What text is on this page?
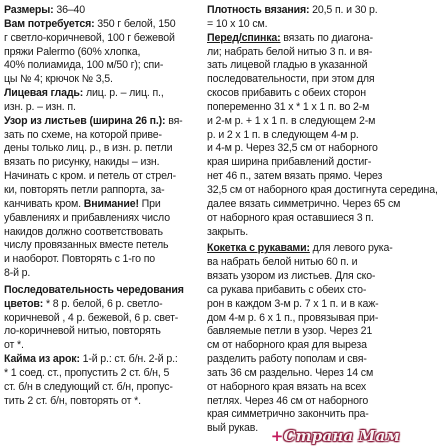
Размеры: 36–40
Вам потребуется: 350 г белой, 150
г светло-коричневой, 100 г бежевой
пряжи Palermo (60% хлопка,
40% полиамида, 100 м/50 г); спи-
цы № 4; крючок № 3,5.
Лицевая гладь: лиц. р. – лиц. п.,
изн. р. – изн. п.
Узор из листьев (ширина 26 п.): вя-
зать по схеме, на которой приве-
дены только лиц. р., в изн. р. петли
вязать по рисунку, накиды – изн.
Начинать с кром. и петель от стрел-
ки, повторять петли раппорта, за-
канчивать кром. Внимание! При
убавлениях и прибавлениях число
накидов должно соответствовать
числу провязанных вместе петель
и наоборот. Повторять с 1-го по
8-й р.
Последовательность чередования
цветов: * 8 р. белой, 6 р. светло-
коричневой , 4 р. бежевой, 6 р. свет-
ло-коричневой нитью, повторять
от *.
Кайма из арок: 1-й р.: ст. б/н. 2-й р.:
* 1 соед. ст., пропустить 2 ст. б/н, 5
ст. б/н в следующий ст. б/н, пропус-
тить 2 ст. б/н, повторять от *.
Плотность вязания: 20,5 п. и 30 р.
= 10 х 10 см.
Перед/спинка: вязать по диагона-
ли; набрать белой нитью 3 п. и вя-
зать лицевой гладью в указанной
последовательности, при этом для
скосов прибавить с обеих сторон
попеременно 31 х * 1 х 1 п. во 2-м
и 2-м р. + 1 х 1 п. в следующем 2-м
р. и 2 х 1 п. в следующем 4-м р.
и 4-м р. Через 32,5 см от наборного
края ширина прибавлений достиг-
нет 46 п., затем вязать прямо. Через
32,5 см от наборного края достигнута середина,
далее вязать симметрично. Через 65 см
от наборного края оставшиеся 3 п.
закрыть.
Кокетка с рукавами: для левого рука-
ва набрать белой нитью 60 п. и
вязать узором из листьев. Для ско-
са рукава прибавить с обеих сто-
рон в каждом 3-м р. 7 х 1 п. и в каж-
дом 4-м р. 6 х 1 п., провязывая при-
бавляемые петли в узор. Через 21
см от наборного края для выреза
разделить работу пополам и свя-
зать 36 см раздельно. Через 14 см
от наборного края вязать на всех
петлях. Через 46 см от наборного
края симметрично закончить пра-
вый рукав. +Страна Мам
